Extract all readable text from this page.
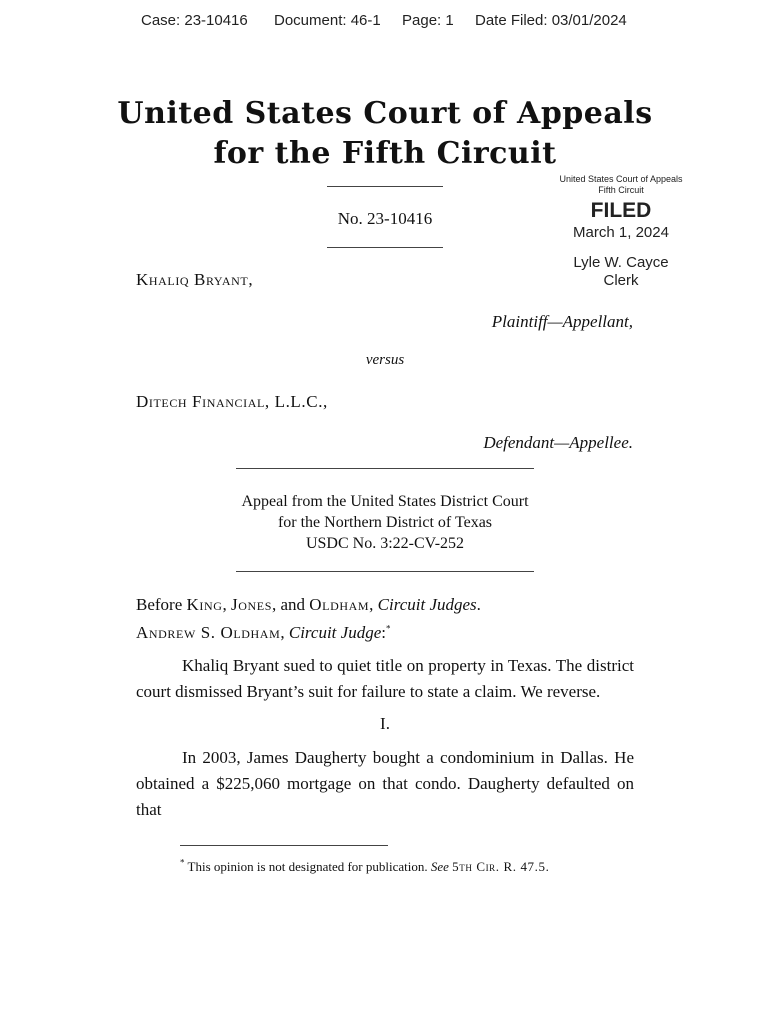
Case: 23-10416 Document: 46-1 Page: 1 Date Filed: 03/01/2024
United States Court of Appeals
for the Fifth Circuit
No. 23-10416
United States Court of Appeals
Fifth Circuit
FILED
March 1, 2024
Lyle W. Cayce
Clerk
Khaliq Bryant,
Plaintiff—Appellant,
versus
Ditech Financial, L.L.C.,
Defendant—Appellee.
Appeal from the United States District Court
for the Northern District of Texas
USDC No. 3:22-CV-252
Before King, Jones, and Oldham, Circuit Judges.
Andrew S. Oldham, Circuit Judge:*
Khaliq Bryant sued to quiet title on property in Texas. The district court dismissed Bryant’s suit for failure to state a claim. We reverse.
I.
In 2003, James Daugherty bought a condominium in Dallas. He obtained a $225,060 mortgage on that condo. Daugherty defaulted on that
* This opinion is not designated for publication. See 5th Cir. R. 47.5.
